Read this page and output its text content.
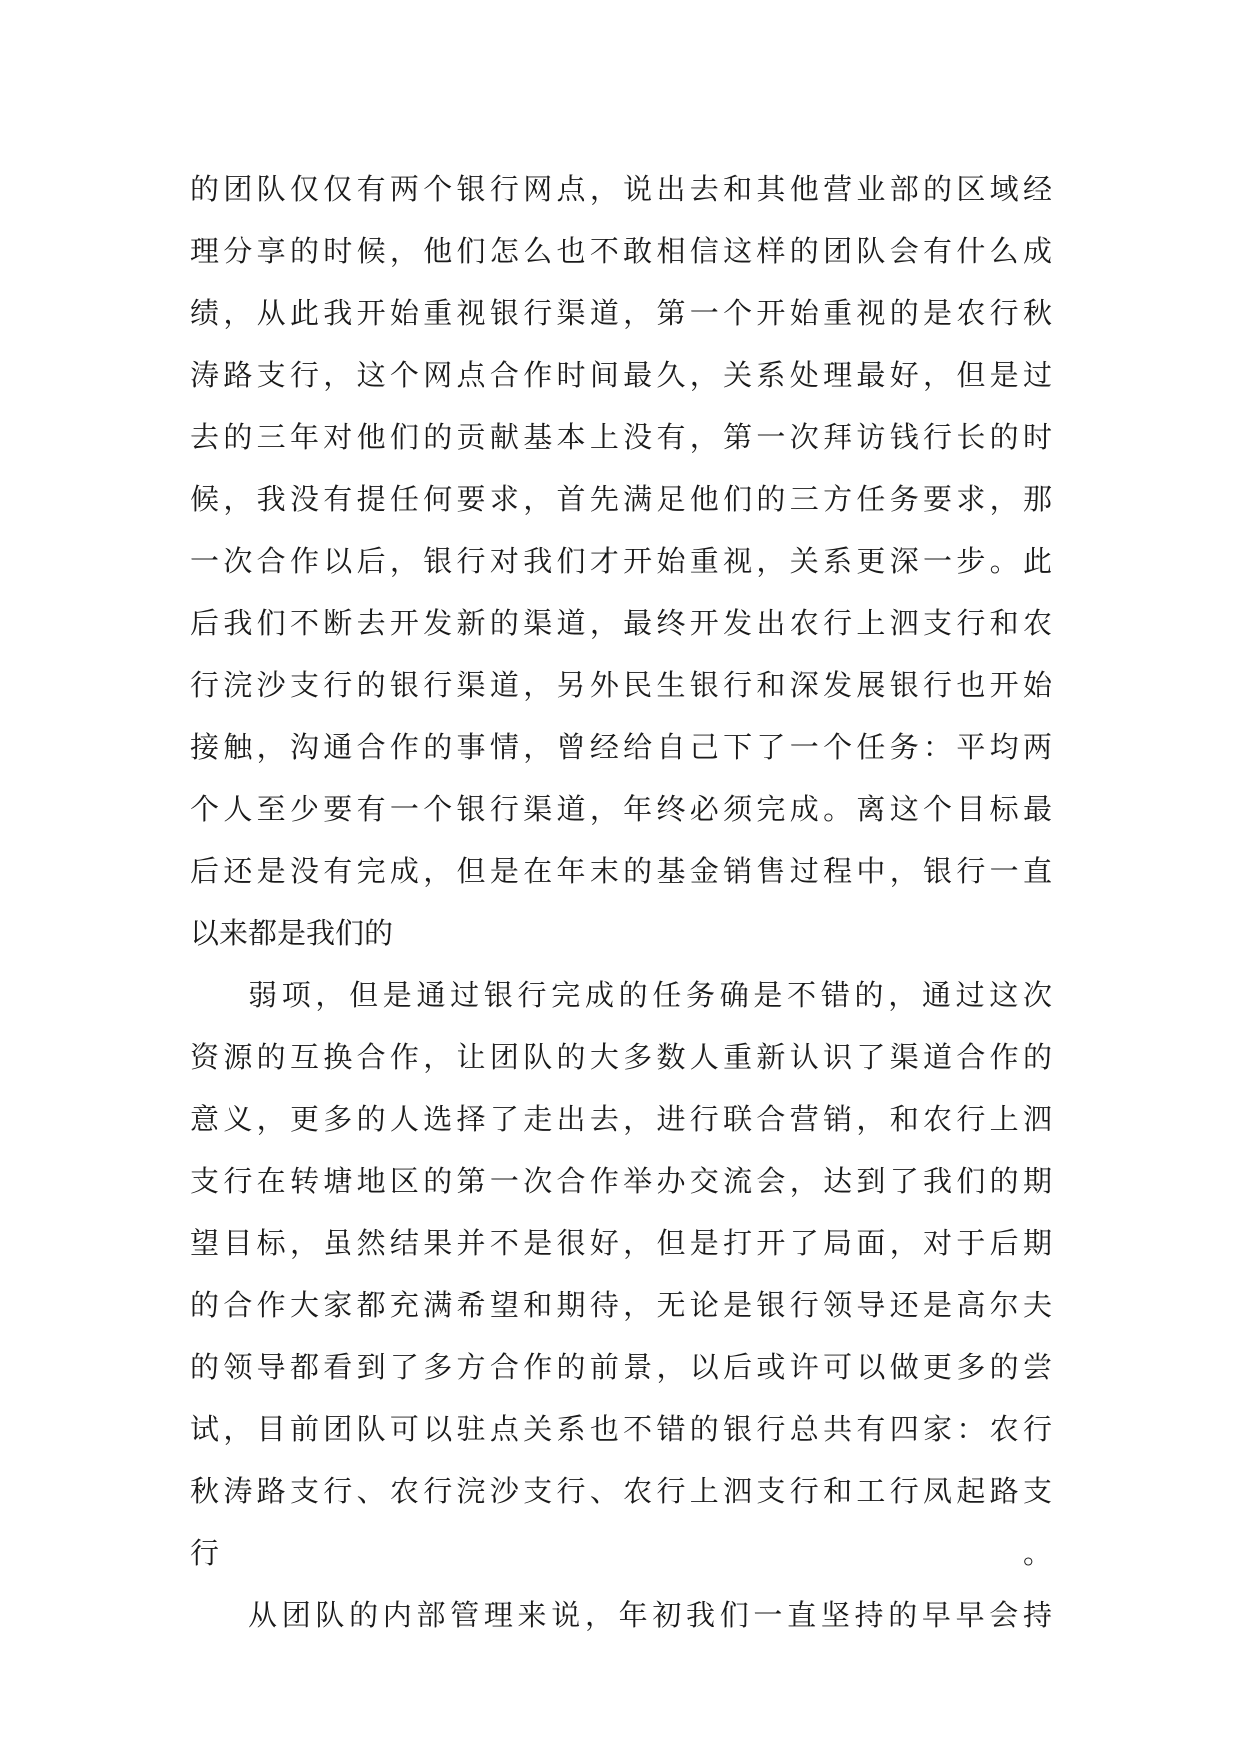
的团队仅仅有两个银行网点，说出去和其他营业部的区域经
理分享的时候，他们怎么也不敢相信这样的团队会有什么成
绩，从此我开始重视银行渠道，第一个开始重视的是农行秋
涛路支行，这个网点合作时间最久，关系处理最好，但是过
去的三年对他们的贡献基本上没有，第一次拜访钱行长的时
候，我没有提任何要求，首先满足他们的三方任务要求，那
一次合作以后，银行对我们才开始重视，关系更深一步。此
后我们不断去开发新的渠道，最终开发出农行上泗支行和农
行浣沙支行的银行渠道，另外民生银行和深发展银行也开始
接触，沟通合作的事情，曾经给自己下了一个任务：平均两
个人至少要有一个银行渠道，年终必须完成。离这个目标最
后还是没有完成，但是在年末的基金销售过程中，银行一直
以来都是我们的
弱项，但是通过银行完成的任务确是不错的，通过这次
资源的互换合作，让团队的大多数人重新认识了渠道合作的
意义，更多的人选择了走出去，进行联合营销，和农行上泗
支行在转塘地区的第一次合作举办交流会，达到了我们的期
望目标，虽然结果并不是很好，但是打开了局面，对于后期
的合作大家都充满希望和期待，无论是银行领导还是高尔夫
的领导都看到了多方合作的前景，以后或许可以做更多的尝
试，目前团队可以驻点关系也不错的银行总共有四家：农行
秋涛路支行、农行浣沙支行、农行上泗支行和工行凤起路支
行。
从团队的内部管理来说，年初我们一直坚持的早早会持
